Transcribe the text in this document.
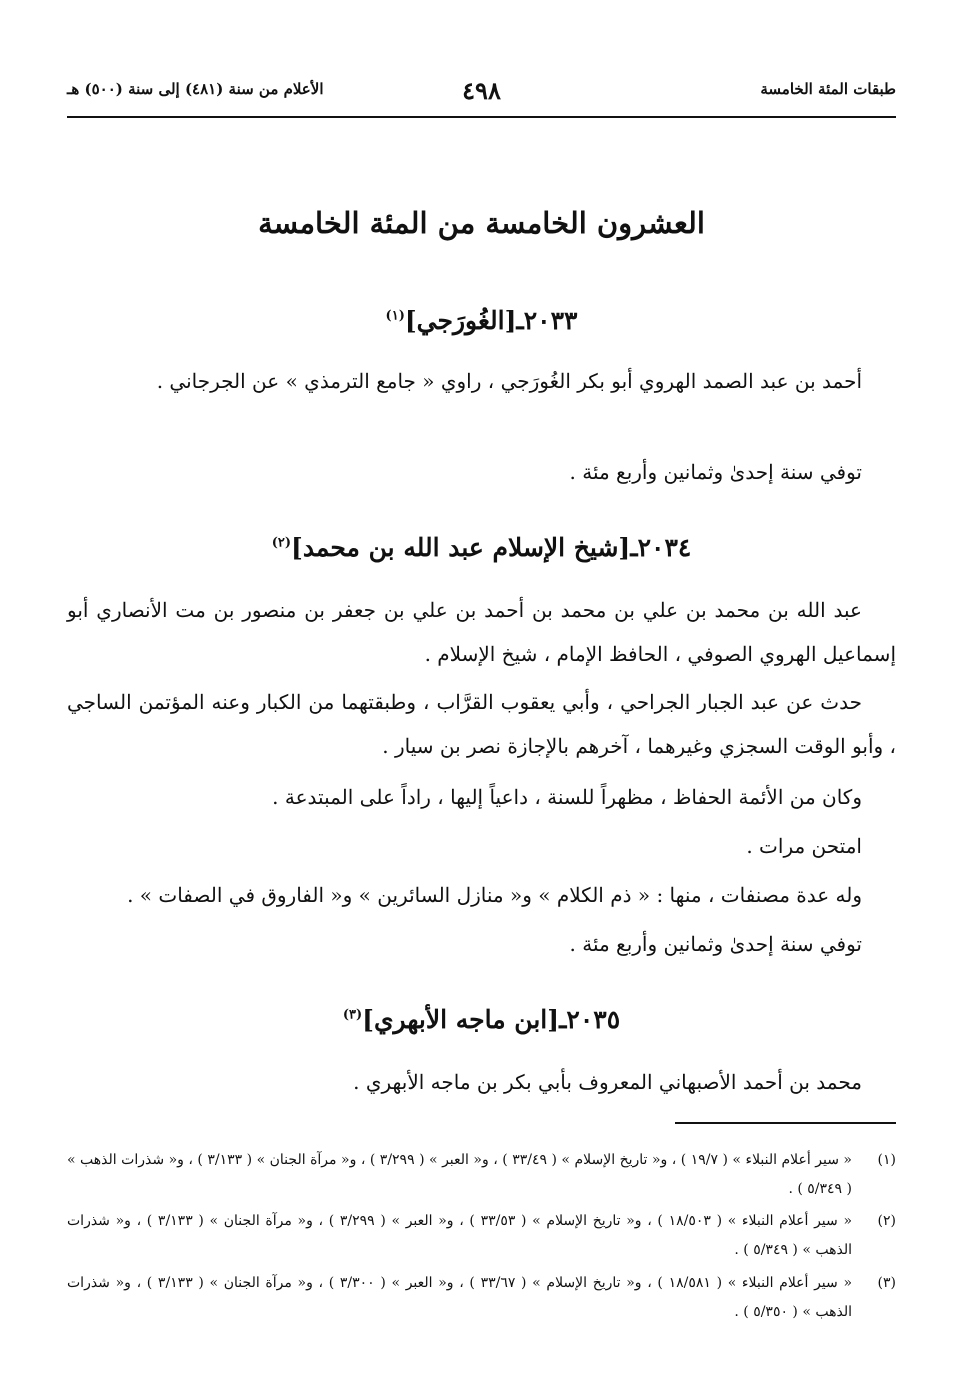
طبقات المئة الخامسة
٤٩٨
الأعلام من سنة (٤٨١) إلى سنة (٥٠٠) هـ
العشرون الخامسة من المئة الخامسة
٢٠٣٣ـ[الغُورَجي]$^{(١)}$

أحمد بن عبد الصمد الهروي أبو بكر الغُورَجي ، راوي « جامع الترمذي » عن الجرجاني .

توفي سنة إحدىٰ وثمانين وأربع مئة .

٢٠٣٤ـ[شيخ الإسلام عبد الله بن محمد]$^{(٢)}$

عبد الله بن محمد بن علي بن محمد بن أحمد بن علي بن جعفر بن منصور بن مت الأنصاري أبو إسماعيل الهروي الصوفي ، الحافظ الإمام ، شيخ الإسلام .

حدث عن عبد الجبار الجراحي ، وأبي يعقوب القرَّاب ، وطبقتهما من الكبار وعنه المؤتمن الساجي ، وأبو الوقت السجزي وغيرهما ، آخرهم بالإجازة نصر بن سيار .

وكان من الأئمة الحفاظ ، مظهراً للسنة ، داعياً إليها ، راداً على المبتدعة .

امتحن مرات .

وله عدة مصنفات ، منها : « ذم الكلام » و« منازل السائرين » و« الفاروق في الصفات » .

توفي سنة إحدىٰ وثمانين وأربع مئة .

٢٠٣٥ـ[ابن ماجه الأبهري]$^{(٣)}$

محمد بن أحمد الأصبهاني المعروف بأبي بكر بن ماجه الأبهري .

(١)
« سير أعلام النبلاء » ( ١٩/٧ ) ، و« تاريخ الإسلام » ( ٣٣/٤٩ ) ، و« العبر » ( ٣/٢٩٩ ) ، و« مرآة الجنان » ( ٣/١٣٣ ) ، و« شذرات الذهب » ( ٥/٣٤٩ ) .
(٢)
« سير أعلام النبلاء » ( ١٨/٥٠٣ ) ، و« تاريخ الإسلام » ( ٣٣/٥٣ ) ، و« العبر » ( ٣/٢٩٩ ) ، و« مرآة الجنان » ( ٣/١٣٣ ) ، و« شذرات الذهب » ( ٥/٣٤٩ ) .
(٣)
« سير أعلام النبلاء » ( ١٨/٥٨١ ) ، و« تاريخ الإسلام » ( ٣٣/٦٧ ) ، و« العبر » ( ٣/٣٠٠ ) ، و« مرآة الجنان » ( ٣/١٣٣ ) ، و« شذرات الذهب » ( ٥/٣٥٠ ) .
